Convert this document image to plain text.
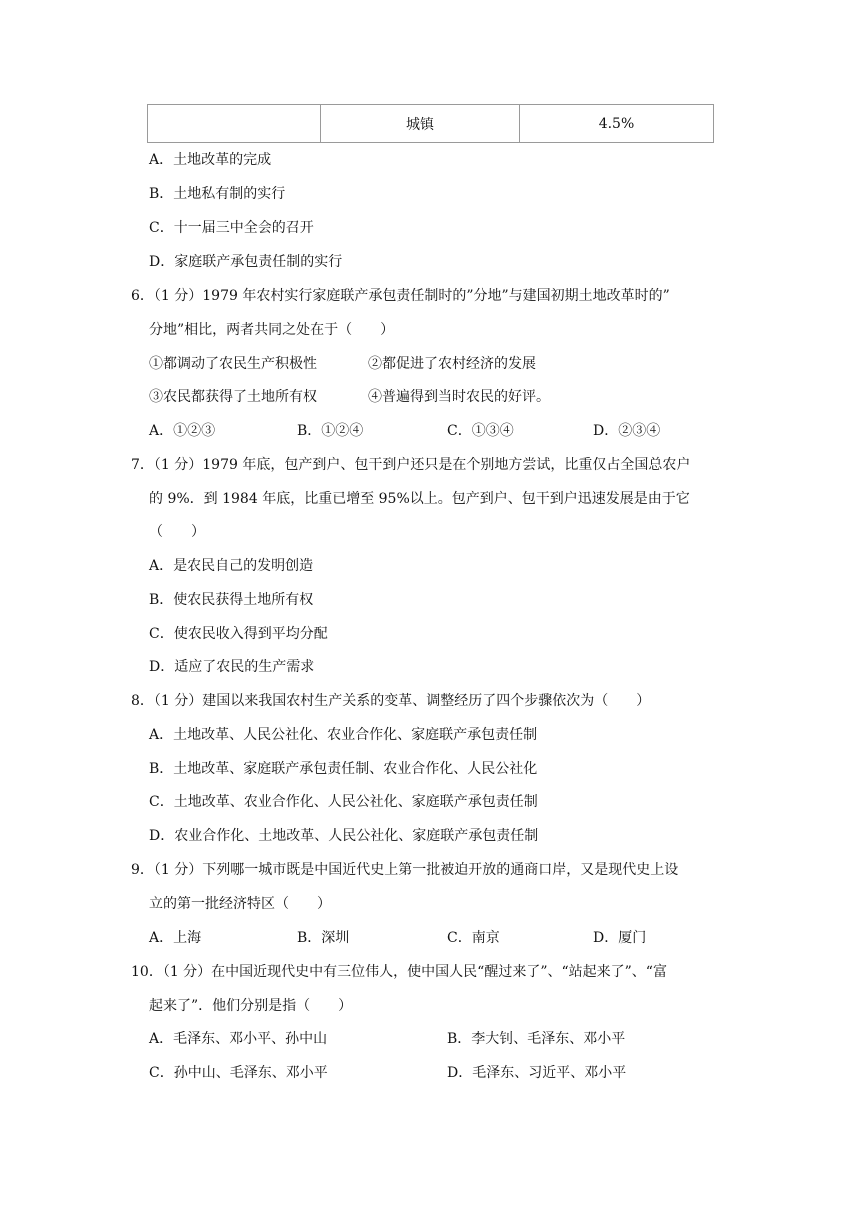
	城镇	4.5%
A．土地改革的完成
B．土地私有制的实行
C．十一届三中全会的召开
D．家庭联产承包责任制的实行
6．（1 分）1979 年农村实行家庭联产承包责任制时的”分地”与建国初期土地改革时的”
分地”相比，两者共同之处在于（　　）
①都调动了农民生产积极性	②都促进了农村经济的发展
③农民都获得了土地所有权	④普遍得到当时农民的好评。
A．①②③	B．①②④	C．①③④	D．②③④
7．（1 分）1979 年底，包产到户、包干到户还只是在个别地方尝试，比重仅占全国总农户
的 9%．到 1984 年底，比重已增至 95%以上。包产到户、包干到户迅速发展是由于它
（　　）
A．是农民自己的发明创造
B．使农民获得土地所有权
C．使农民收入得到平均分配
D．适应了农民的生产需求
8．（1 分）建国以来我国农村生产关系的变革、调整经历了四个步骤依次为（　　）
A．土地改革、人民公社化、农业合作化、家庭联产承包责任制
B．土地改革、家庭联产承包责任制、农业合作化、人民公社化
C．土地改革、农业合作化、人民公社化、家庭联产承包责任制
D．农业合作化、土地改革、人民公社化、家庭联产承包责任制
9．（1 分）下列哪一城市既是中国近代史上第一批被迫开放的通商口岸，又是现代史上设
立的第一批经济特区（　　）
A．上海	B．深圳	C．南京	D．厦门
10．（1 分）在中国近现代史中有三位伟人，使中国人民“醒过来了”、“站起来了”、“富
起来了”．他们分别是指（　　）
A．毛泽东、邓小平、孙中山	B．李大钊、毛泽东、邓小平
C．孙中山、毛泽东、邓小平	D．毛泽东、习近平、邓小平
